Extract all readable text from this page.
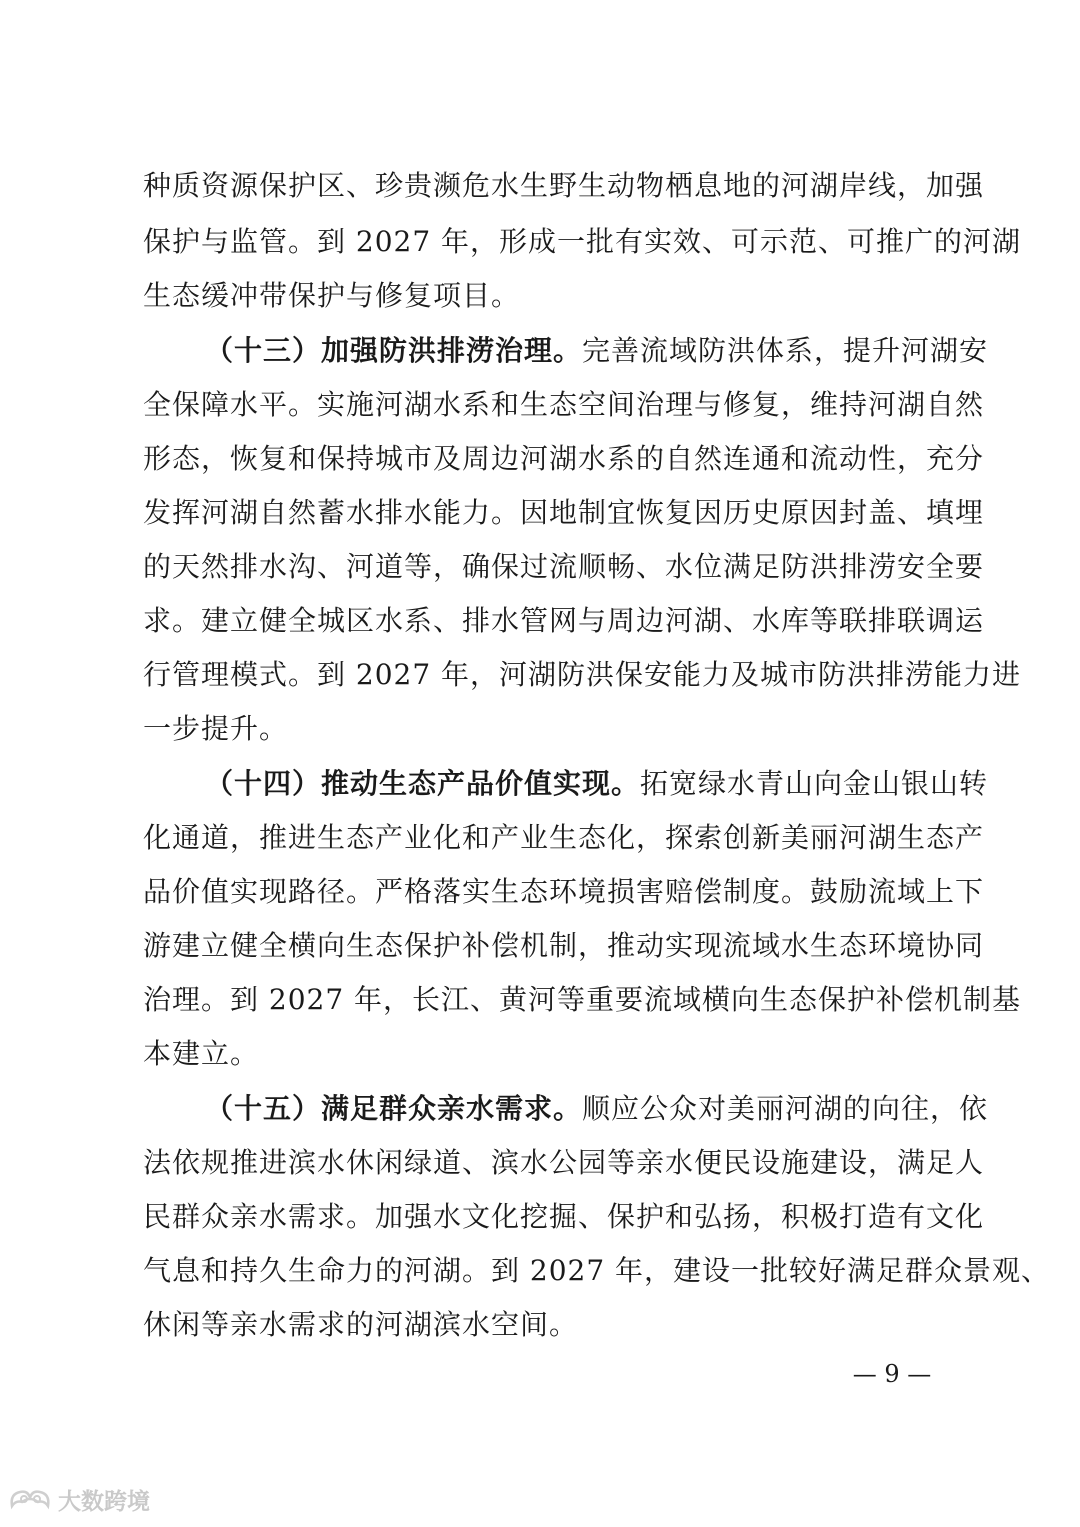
种质资源保护区、珍贵濒危水生野生动物栖息地的河湖岸线，加强
保护与监管。到 2027 年，形成一批有实效、可示范、可推广的河湖
生态缓冲带保护与修复项目。
（十三）加强防洪排涝治理。完善流域防洪体系，提升河湖安
全保障水平。实施河湖水系和生态空间治理与修复，维持河湖自然
形态，恢复和保持城市及周边河湖水系的自然连通和流动性，充分
发挥河湖自然蓄水排水能力。因地制宜恢复因历史原因封盖、填埋
的天然排水沟、河道等，确保过流顺畅、水位满足防洪排涝安全要
求。建立健全城区水系、排水管网与周边河湖、水库等联排联调运
行管理模式。到 2027 年，河湖防洪保安能力及城市防洪排涝能力进
一步提升。
（十四）推动生态产品价值实现。拓宽绿水青山向金山银山转
化通道，推进生态产业化和产业生态化，探索创新美丽河湖生态产
品价值实现路径。严格落实生态环境损害赔偿制度。鼓励流域上下
游建立健全横向生态保护补偿机制，推动实现流域水生态环境协同
治理。到 2027 年，长江、黄河等重要流域横向生态保护补偿机制基
本建立。
（十五）满足群众亲水需求。顺应公众对美丽河湖的向往，依
法依规推进滨水休闲绿道、滨水公园等亲水便民设施建设，满足人
民群众亲水需求。加强水文化挖掘、保护和弘扬，积极打造有文化
气息和持久生命力的河湖。到 2027 年，建设一批较好满足群众景观、
休闲等亲水需求的河湖滨水空间。
— 9 —
大数跨境
